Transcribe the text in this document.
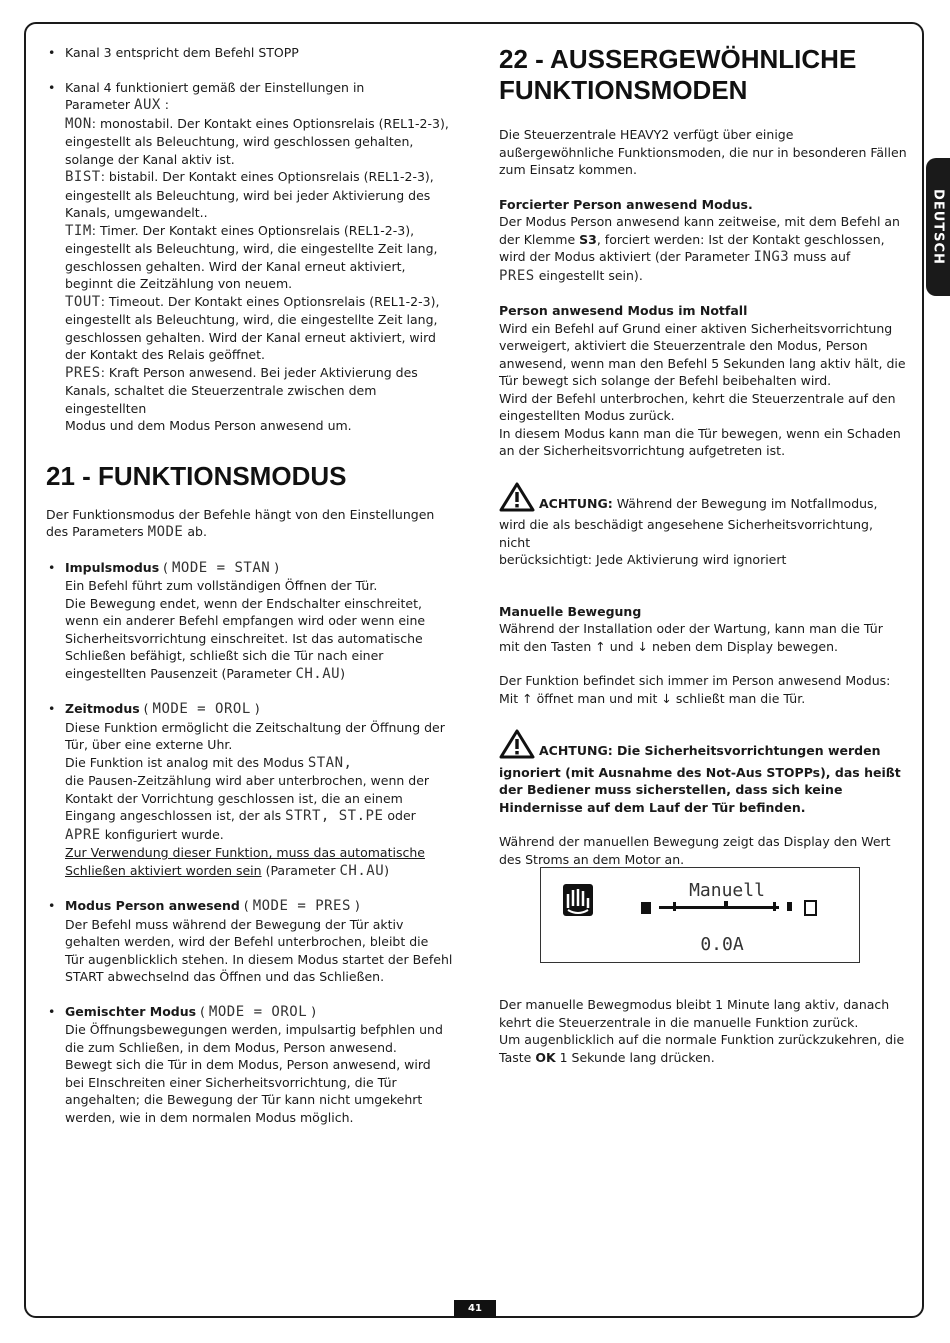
DEUTSCH
41

• Kanal 3 entspricht dem Befehl STOPP

• Kanal 4 funktioniert gemäß der Einstellungen in

Parameter AUX :

MON: monostabil. Der Kontakt eines Optionsrelais (REL1-2-3),

eingestellt als Beleuchtung, wird geschlossen gehalten,

solange der Kanal aktiv ist.

BIST: bistabil. Der Kontakt eines Optionsrelais (REL1-2-3),

eingestellt als Beleuchtung, wird bei jeder Aktivierung des

Kanals, umgewandelt..

TIM: Timer. Der Kontakt eines Optionsrelais (REL1-2-3),

eingestellt als Beleuchtung, wird, die eingestellte Zeit lang,

geschlossen gehalten. Wird der Kanal erneut aktiviert,

beginnt die Zeitzählung von neuem.

TOUT: Timeout. Der Kontakt eines Optionsrelais (REL1-2-3),

eingestellt als Beleuchtung, wird, die eingestellte Zeit lang,

geschlossen gehalten. Wird der Kanal erneut aktiviert, wird

der Kontakt des Relais geöffnet.

PRES: Kraft Person anwesend. Bei jeder Aktivierung des

Kanals, schaltet die Steuerzentrale zwischen dem eingestellten

Modus und dem Modus Person anwesend um.

21 - FUNKTIONSMODUS

Der Funktionsmodus der Befehle hängt von den Einstellungen

des Parameters MODE ab.

• Impulsmodus ( MODE = STAN )

Ein Befehl führt zum vollständigen Öffnen der Tür.

Die Bewegung endet, wenn der Endschalter einschreitet,

wenn ein anderer Befehl empfangen wird oder wenn eine

Sicherheitsvorrichtung einschreitet. Ist das automatische

Schließen befähigt, schließt sich die Tür nach einer

eingestellten Pausenzeit (Parameter CH.AU)

• Zeitmodus ( MODE = OROL )

Diese Funktion ermöglicht die Zeitschaltung der Öffnung der

Tür, über eine externe Uhr.

Die Funktion ist analog mit des Modus STAN,

die Pausen-Zeitzählung wird aber unterbrochen, wenn der

Kontakt der Vorrichtung geschlossen ist, die an einem

Eingang angeschlossen ist, der als STRT, ST.PE oder

APRE konfiguriert wurde.

Zur Verwendung dieser Funktion, muss das automatische

Schließen aktiviert worden sein (Parameter CH.AU)

• Modus Person anwesend ( MODE = PRES )

Der Befehl muss während der Bewegung der Tür aktiv

gehalten werden, wird der Befehl unterbrochen, bleibt die

Tür augenblicklich stehen. In diesem Modus startet der Befehl

START abwechselnd das Öffnen und das Schließen.

• Gemischter Modus ( MODE = OROL )

Die Öffnungsbewegungen werden, impulsartig befphlen und

die zum Schließen, in dem Modus, Person anwesend.

Bewegt sich die Tür in dem Modus, Person anwesend, wird

bei EInschreiten einer Sicherheitsvorrichtung, die Tür

angehalten; die Bewegung der Tür kann nicht umgekehrt

werden, wie in dem normalen Modus möglich.

22 - AUSSERGEWÖHNLICHE
FUNKTIONSMODEN

Die Steuerzentrale HEAVY2 verfügt über einige

außergewöhnliche Funktionsmoden, die nur in besonderen Fällen

zum Einsatz kommen.

Forcierter Person anwesend Modus.

Der Modus Person anwesend kann zeitweise, mit dem Befehl an

der Klemme S3, forciert werden: Ist der Kontakt geschlossen,

wird der Modus aktiviert (der Parameter ING3 muss auf

PRES eingestellt sein).

Person anwesend Modus im Notfall

Wird ein Befehl auf Grund einer aktiven Sicherheitsvorrichtung

verweigert, aktiviert die Steuerzentrale den Modus, Person

anwesend, wenn man den Befehl 5 Sekunden lang aktiv hält, die

Tür bewegt sich solange der Befehl beibehalten wird.

Wird der Befehl unterbrochen, kehrt die Steuerzentrale auf den

eingestellten Modus zurück.

In diesem Modus kann man die Tür bewegen, wenn ein Schaden

an der Sicherheitsvorrichtung aufgetreten ist.

ACHTUNG: Während der Bewegung im Notfallmodus,

wird die als beschädigt angesehene Sicherheitsvorrichtung, nicht

berücksichtigt: Jede Aktivierung wird ignoriert

Manuelle Bewegung

Während der Installation oder der Wartung, kann man die Tür

mit den Tasten ↑ und ↓ neben dem Display bewegen.

Der Funktion befindet sich immer im Person anwesend Modus:

Mit ↑ öffnet man und mit ↓ schließt man die Tür.

ACHTUNG: Die Sicherheitsvorrichtungen werden

ignoriert (mit Ausnahme des Not-Aus STOPPs), das heißt

der Bediener muss sicherstellen, dass sich keine

Hindernisse auf dem Lauf der Tür befinden.

Während der manuellen Bewegung zeigt das Display den Wert

des Stroms an dem Motor an.

Manuell
0.0A

Der manuelle Bewegmodus bleibt 1 Minute lang aktiv, danach

kehrt die Steuerzentrale in die manuelle Funktion zurück.

Um augenblicklich auf die normale Funktion zurückzukehren, die

Taste OK 1 Sekunde lang drücken.
